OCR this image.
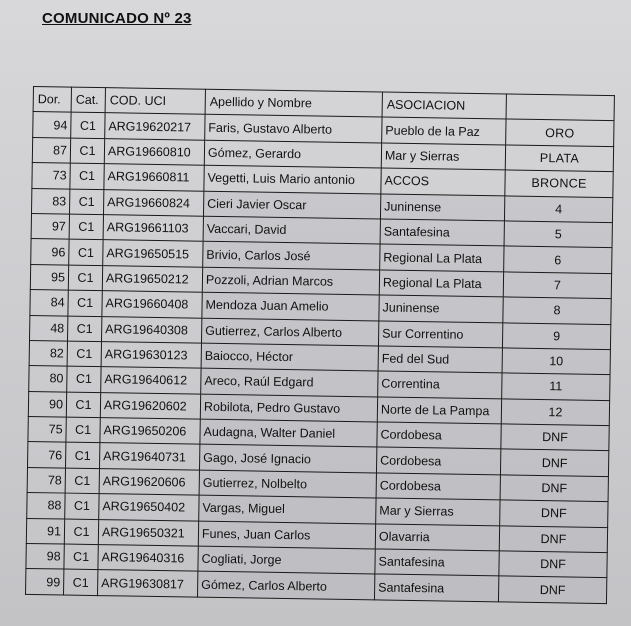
COMUNICADO Nº 23
Dor.	Cat.	COD. UCI	Apellido y Nombre	ASOCIACION	
94	C1	ARG19620217	Faris, Gustavo Alberto	Pueblo de la Paz	ORO
87	C1	ARG19660810	Gómez, Gerardo	Mar y Sierras	PLATA
73	C1	ARG19660811	Vegetti, Luis Mario antonio	ACCOS	BRONCE
83	C1	ARG19660824	Cieri Javier Oscar	Juninense	4
97	C1	ARG19661103	Vaccari, David	Santafesina	5
96	C1	ARG19650515	Brivio, Carlos José	Regional La Plata	6
95	C1	ARG19650212	Pozzoli, Adrian Marcos	Regional La Plata	7
84	C1	ARG19660408	Mendoza Juan Amelio	Juninense	8
48	C1	ARG19640308	Gutierrez, Carlos Alberto	Sur Correntino	9
82	C1	ARG19630123	Baiocco, Héctor	Fed del Sud	10
80	C1	ARG19640612	Areco, Raúl Edgard	Correntina	11
90	C1	ARG19620602	Robilota, Pedro Gustavo	Norte de La Pampa	12
75	C1	ARG19650206	Audagna, Walter Daniel	Cordobesa	DNF
76	C1	ARG19640731	Gago, José Ignacio	Cordobesa	DNF
78	C1	ARG19620606	Gutierrez, Nolbelto	Cordobesa	DNF
88	C1	ARG19650402	Vargas, Miguel	Mar y Sierras	DNF
91	C1	ARG19650321	Funes, Juan Carlos	Olavarria	DNF
98	C1	ARG19640316	Cogliati, Jorge	Santafesina	DNF
99	C1	ARG19630817	Gómez, Carlos Alberto	Santafesina	DNF
